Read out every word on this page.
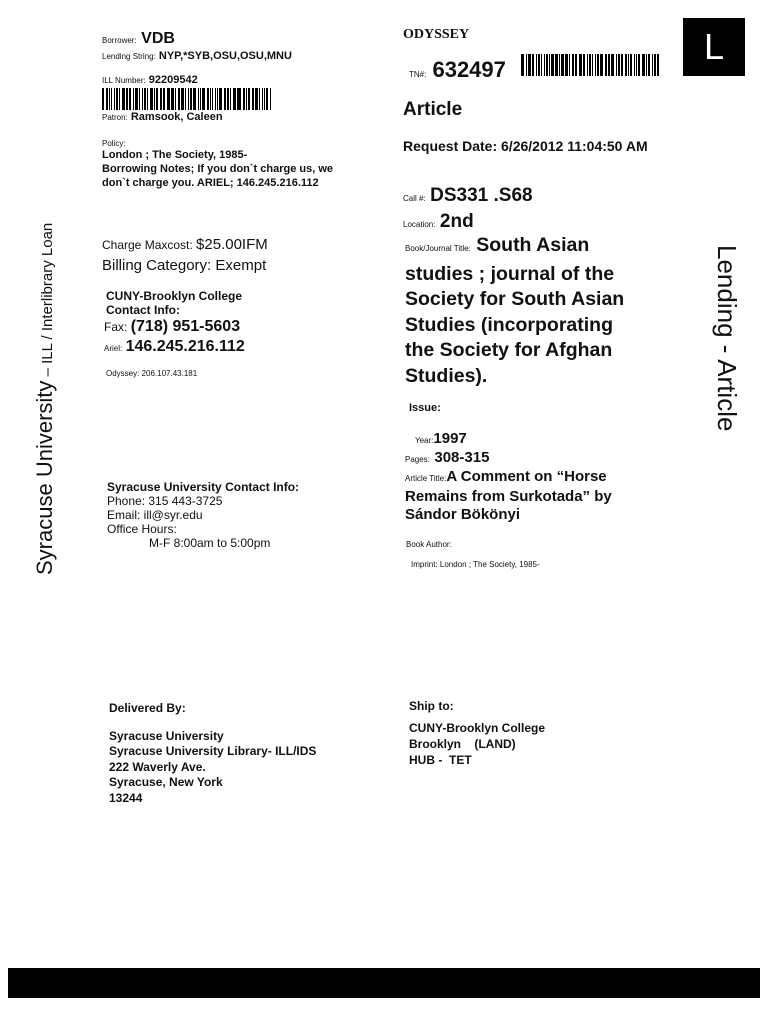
Borrower: VDB
Lending String: NYP,*SYB,OSU,OSU,MNU
ILL Number: 92209542
Patron: Ramsook, Caleen
Policy:
London ; The Society, 1985-
Borrowing Notes; If you don`t charge us, we
don`t charge you. ARIEL; 146.245.216.112
Charge Maxcost: $25.00IFM
Billing Category: Exempt
CUNY-Brooklyn College
Contact Info:
Fax: (718) 951-5603
Ariel: 146.245.216.112
Odyssey: 206.107.43.181
Syracuse University Contact Info:
Phone: 315 443-3725
Email: ill@syr.edu
Office Hours:
M-F 8:00am to 5:00pm
ODYSSEY
TN#: 632497
L
Article
Request Date: 6/26/2012 11:04:50 AM
Call #: DS331 .S68
Location: 2nd
Book/Journal Title: South Asian
studies ; journal of the
Society for South Asian
Studies (incorporating
the Society for Afghan
Studies).
Issue:
Year:1997
Pages: 308-315
Article Title:A Comment on “Horse
Remains from Surkotada” by
Sándor Bökönyi
Book Author:
Imprint: London ; The Society, 1985-
Delivered By:
Syracuse University
Syracuse University Library- ILL/IDS
222 Waverly Ave.
Syracuse, New York
13244
Ship to:
CUNY-Brooklyn College
Brooklyn    (LAND)
HUB -  TET
Syracuse University – ILL / Interlibrary Loan	Lending - Article
